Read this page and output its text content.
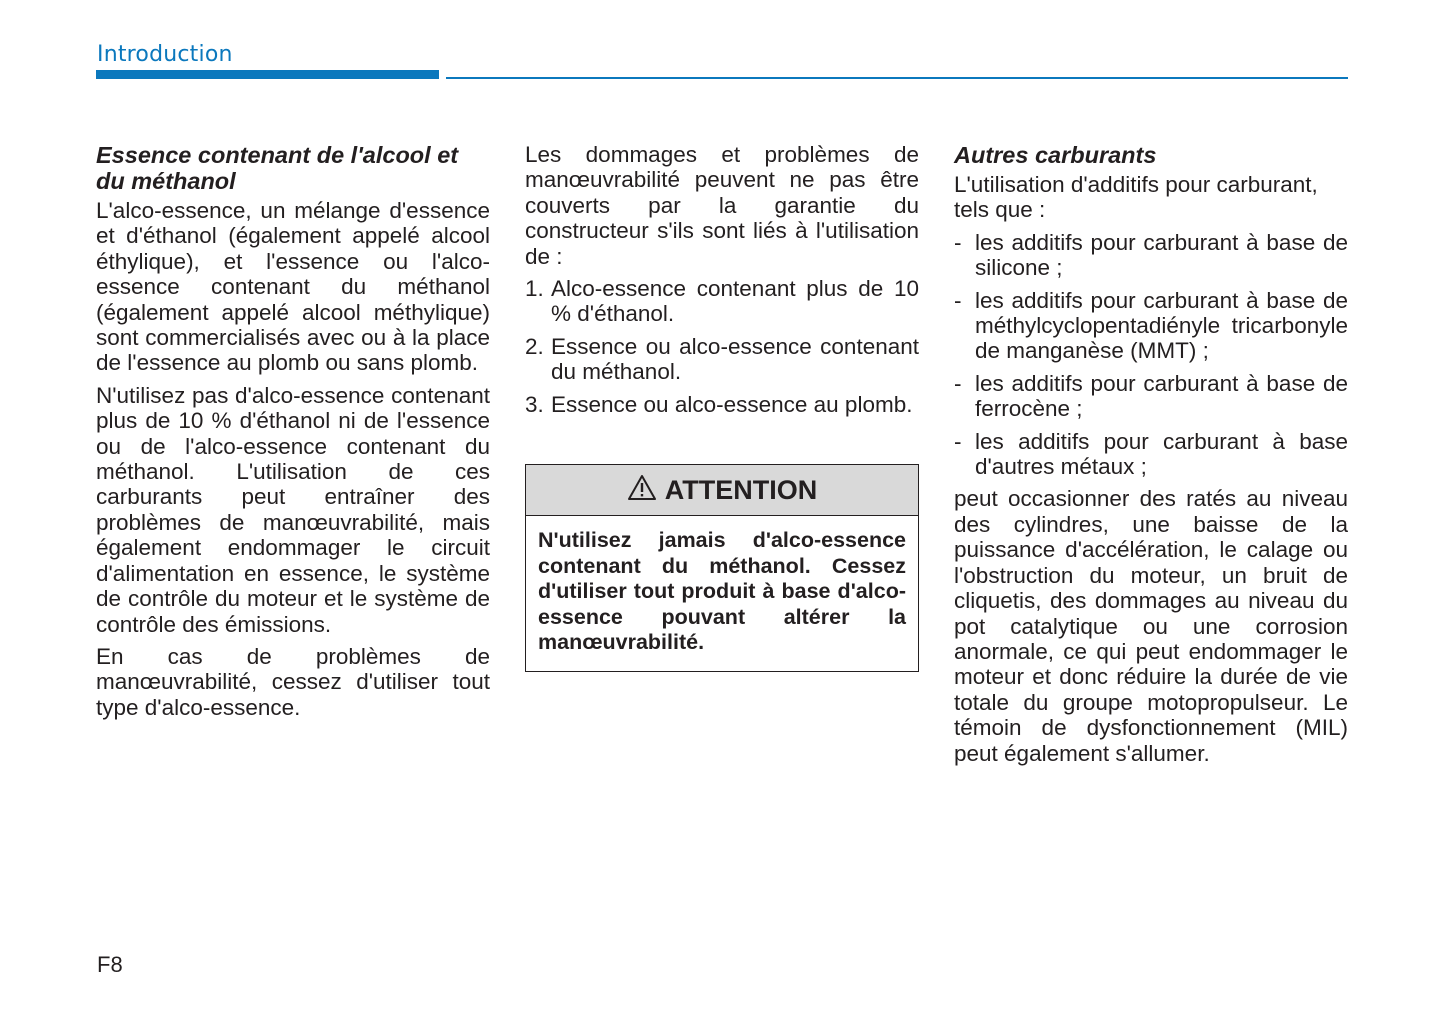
Introduction
Essence contenant de l'alcool et du méthanol

L'alco-essence, un mélange d'essence et d'éthanol (également appelé alcool éthylique), et l'essence ou l'alco-essence contenant du méthanol (également appelé alcool méthylique) sont commercialisés avec ou à la place de l'essence au plomb ou sans plomb.

N'utilisez pas d'alco-essence contenant plus de 10 % d'éthanol ni de l'essence ou de l'alco-essence contenant du méthanol. L'utilisation de ces carburants peut entraîner des problèmes de manœuvrabilité, mais également endommager le circuit d'alimentation en essence, le système de contrôle du moteur et le système de contrôle des émissions.

En cas de problèmes de manœuvrabilité, cessez d'utiliser tout type d'alco-essence.

Les dommages et problèmes de manœuvrabilité peuvent ne pas être couverts par la garantie du constructeur s'ils sont liés à l'utilisation de :

1. Alco-essence contenant plus de 10 % d'éthanol.
2. Essence ou alco-essence contenant du méthanol.
3. Essence ou alco-essence au plomb.
ATTENTION
N'utilisez jamais d'alco-essence contenant du méthanol. Cessez d'utiliser tout produit à base d'alco-essence pouvant altérer la manœuvrabilité.
Autres carburants

L'utilisation d'additifs pour carburant, tels que :

- les additifs pour carburant à base de silicone ;
- les additifs pour carburant à base de méthylcyclopentadiényle tricarbonyle de manganèse (MMT) ;
- les additifs pour carburant à base de ferrocène ;
- les additifs pour carburant à base d'autres métaux ;

peut occasionner des ratés au niveau des cylindres, une baisse de la puissance d'accélération, le calage ou l'obstruction du moteur, un bruit de cliquetis, des dommages au niveau du pot catalytique ou une corrosion anormale, ce qui peut endommager le moteur et donc réduire la durée de vie totale du groupe motopropulseur. Le témoin de dysfonctionnement (MIL) peut également s'allumer.

F8
